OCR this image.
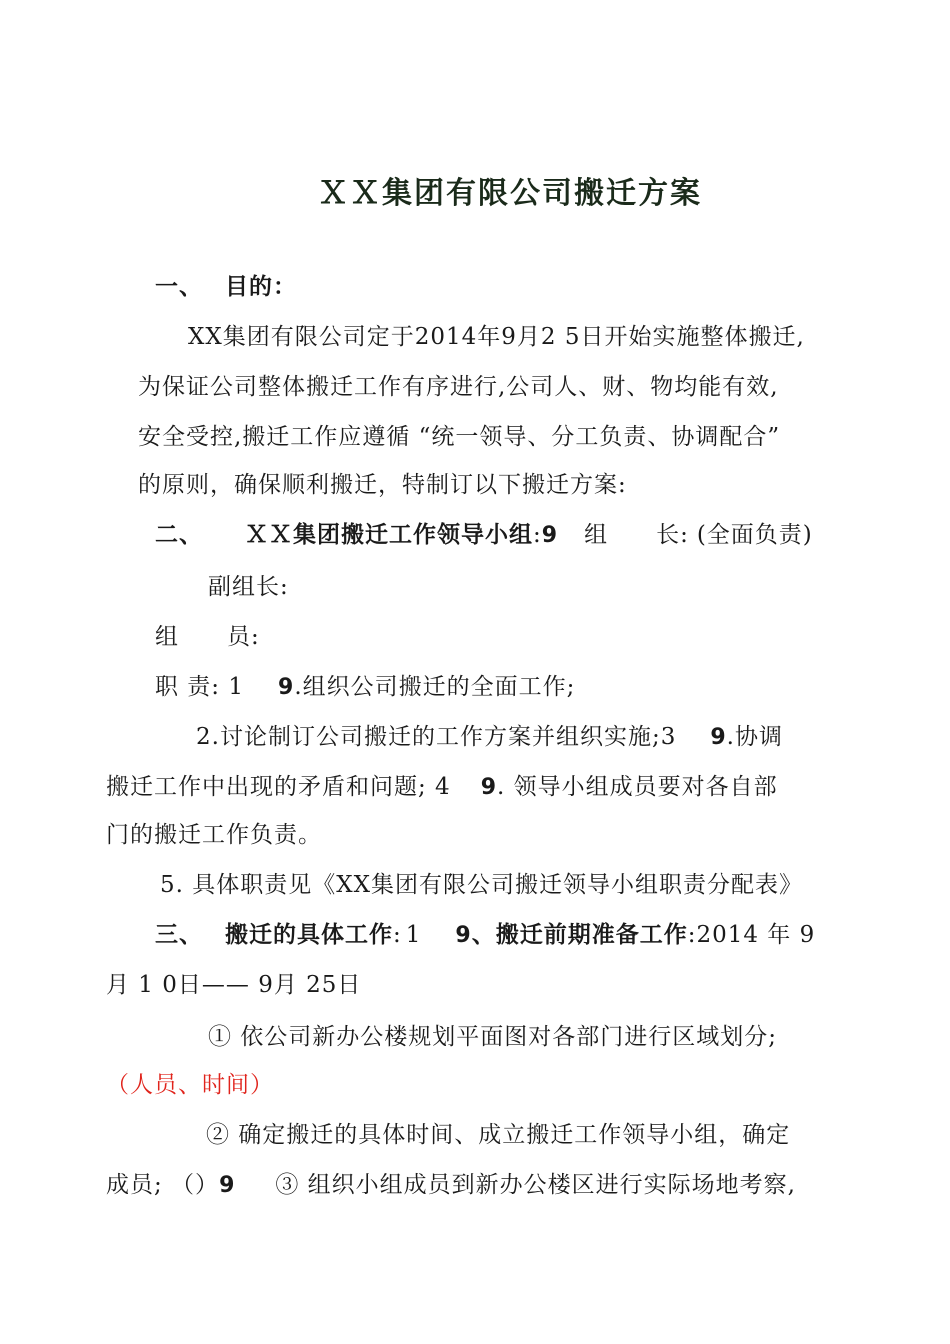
ＸＸ集团有限公司搬迁方案
一、 目的：
XX集团有限公司定于2014年9月2 5日开始实施整体搬迁,
为保证公司整体搬迁工作有序进行,公司人、财、物均能有效,
安全受控,搬迁工作应遵循 “统一领导、分工负责、协调配合”
的原则，确保顺利搬迁，特制订以下搬迁方案:
二、 ＸＸ集团搬迁工作领导小组:9 组　　长: (全面负责)
副组长:
组　　员:
职 责: 1 9.组织公司搬迁的全面工作;
2.讨论制订公司搬迁的工作方案并组织实施;3 9.协调
搬迁工作中出现的矛盾和问题; 4 9. 领导小组成员要对各自部
门的搬迁工作负责。
5. 具体职责见《XX集团有限公司搬迁领导小组职责分配表》
三、 搬迁的具体工作: 1 9、搬迁前期准备工作:2014 年 9
月 1 0日—— 9月 25日
① 依公司新办公楼规划平面图对各部门进行区域划分;
（人员、时间）
② 确定搬迁的具体时间、成立搬迁工作领导小组，确定
成员; （）9 ③ 组织小组成员到新办公楼区进行实际场地考察,
